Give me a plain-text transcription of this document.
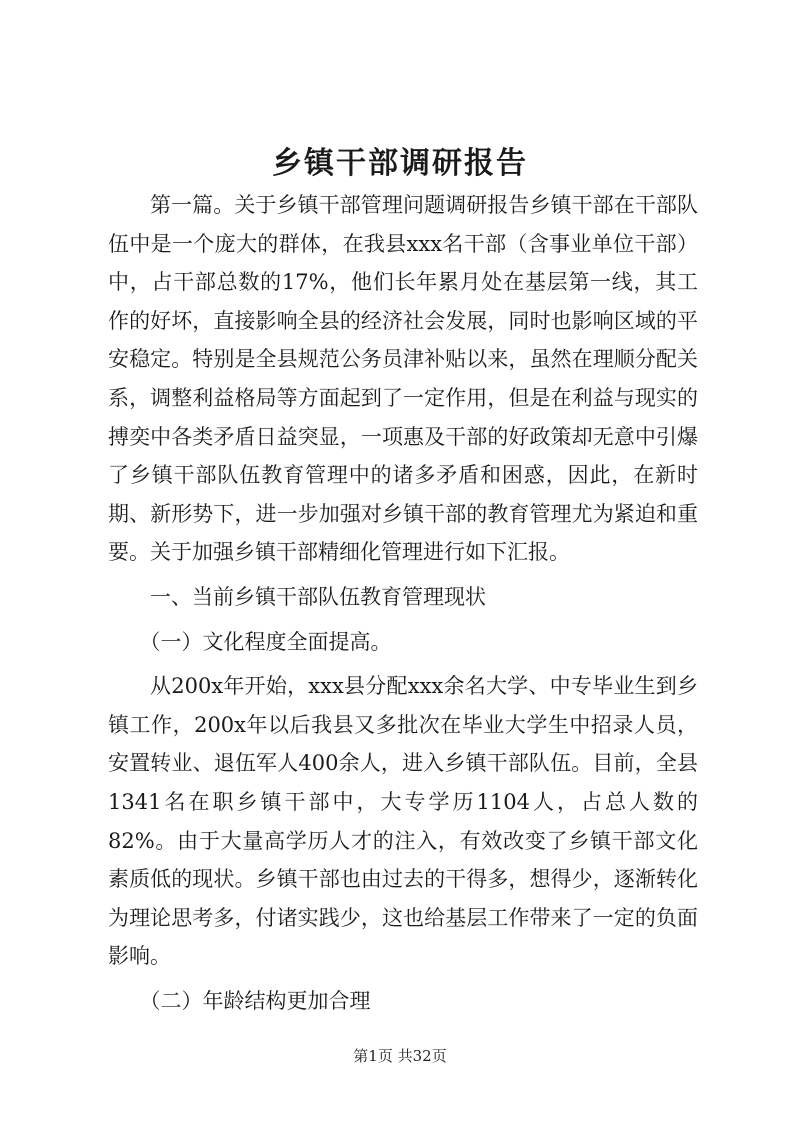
乡镇干部调研报告

第一篇。关于乡镇干部管理问题调研报告乡镇干部在干部队伍中是一个庞大的群体，在我县xxx名干部（含事业单位干部）中，占干部总数的17%，他们长年累月处在基层第一线，其工作的好坏，直接影响全县的经济社会发展，同时也影响区域的平安稳定。特别是全县规范公务员津补贴以来，虽然在理顺分配关系，调整利益格局等方面起到了一定作用，但是在利益与现实的搏奕中各类矛盾日益突显，一项惠及干部的好政策却无意中引爆了乡镇干部队伍教育管理中的诸多矛盾和困惑，因此，在新时期、新形势下，进一步加强对乡镇干部的教育管理尤为紧迫和重要。关于加强乡镇干部精细化管理进行如下汇报。

一、当前乡镇干部队伍教育管理现状

（一）文化程度全面提高。

从200x年开始，xxx县分配xxx余名大学、中专毕业生到乡镇工作，200x年以后我县又多批次在毕业大学生中招录人员，安置转业、退伍军人400余人，进入乡镇干部队伍。目前，全县1341名在职乡镇干部中，大专学历1104人，占总人数的82%。由于大量高学历人才的注入，有效改变了乡镇干部文化素质低的现状。乡镇干部也由过去的干得多，想得少，逐渐转化为理论思考多，付诸实践少，这也给基层工作带来了一定的负面影响。

（二）年龄结构更加合理

第1页 共32页
